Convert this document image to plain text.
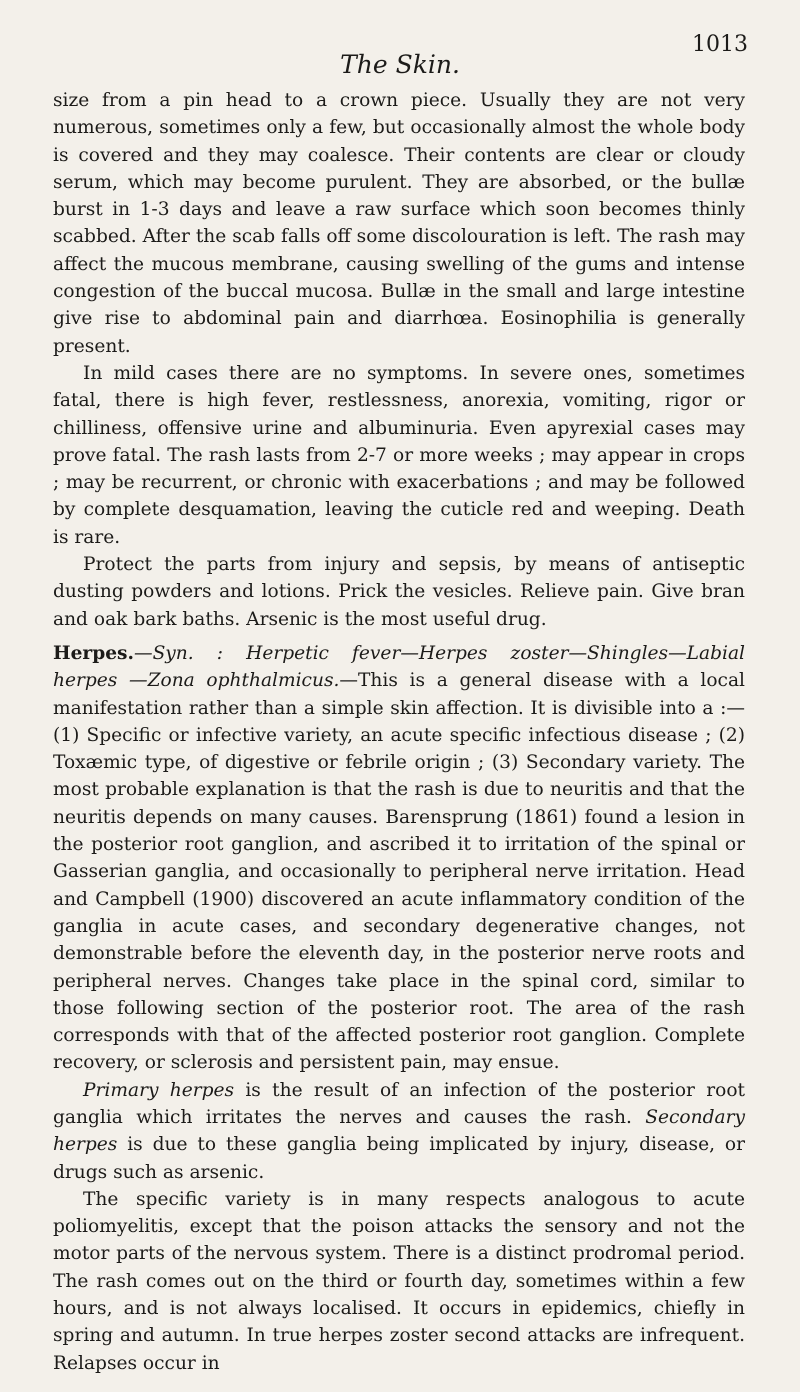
The Skin.
1013

size from a pin head to a crown piece. Usually they are not very numerous, sometimes only a few, but occasionally almost the whole body is covered and they may coalesce. Their contents are clear or cloudy serum, which may become purulent. They are absorbed, or the bullæ burst in 1-3 days and leave a raw surface which soon becomes thinly scabbed. After the scab falls off some discolouration is left. The rash may affect the mucous membrane, causing swelling of the gums and intense congestion of the buccal mucosa. Bullæ in the small and large intestine give rise to abdominal pain and diarrhœa. Eosinophilia is generally present.

In mild cases there are no symptoms. In severe ones, sometimes fatal, there is high fever, restlessness, anorexia, vomiting, rigor or chilliness, offensive urine and albuminuria. Even apyrexial cases may prove fatal. The rash lasts from 2-7 or more weeks ; may appear in crops ; may be recurrent, or chronic with exacerbations ; and may be followed by complete desquamation, leaving the cuticle red and weeping. Death is rare.

Protect the parts from injury and sepsis, by means of antiseptic dusting powders and lotions. Prick the vesicles. Relieve pain. Give bran and oak bark baths. Arsenic is the most useful drug.

Herpes.—Syn. : Herpetic fever—Herpes zoster—Shingles—Labial herpes —Zona ophthalmicus.—This is a general disease with a local manifestation rather than a simple skin affection. It is divisible into a :—(1) Specific or infective variety, an acute specific infectious disease ; (2) Toxæmic type, of digestive or febrile origin ; (3) Secondary variety. The most probable explanation is that the rash is due to neuritis and that the neuritis depends on many causes. Barensprung (1861) found a lesion in the posterior root ganglion, and ascribed it to irritation of the spinal or Gasserian ganglia, and occasionally to peripheral nerve irritation. Head and Campbell (1900) discovered an acute inflammatory condition of the ganglia in acute cases, and secondary degenerative changes, not demonstrable before the eleventh day, in the posterior nerve roots and peripheral nerves. Changes take place in the spinal cord, similar to those following section of the posterior root. The area of the rash corresponds with that of the affected posterior root ganglion. Complete recovery, or sclerosis and persistent pain, may ensue.

Primary herpes is the result of an infection of the posterior root ganglia which irritates the nerves and causes the rash. Secondary herpes is due to these ganglia being implicated by injury, disease, or drugs such as arsenic.

The specific variety is in many respects analogous to acute poliomyelitis, except that the poison attacks the sensory and not the motor parts of the nervous system. There is a distinct prodromal period. The rash comes out on the third or fourth day, sometimes within a few hours, and is not always localised. It occurs in epidemics, chiefly in spring and autumn. In true herpes zoster second attacks are infrequent. Relapses occur in
